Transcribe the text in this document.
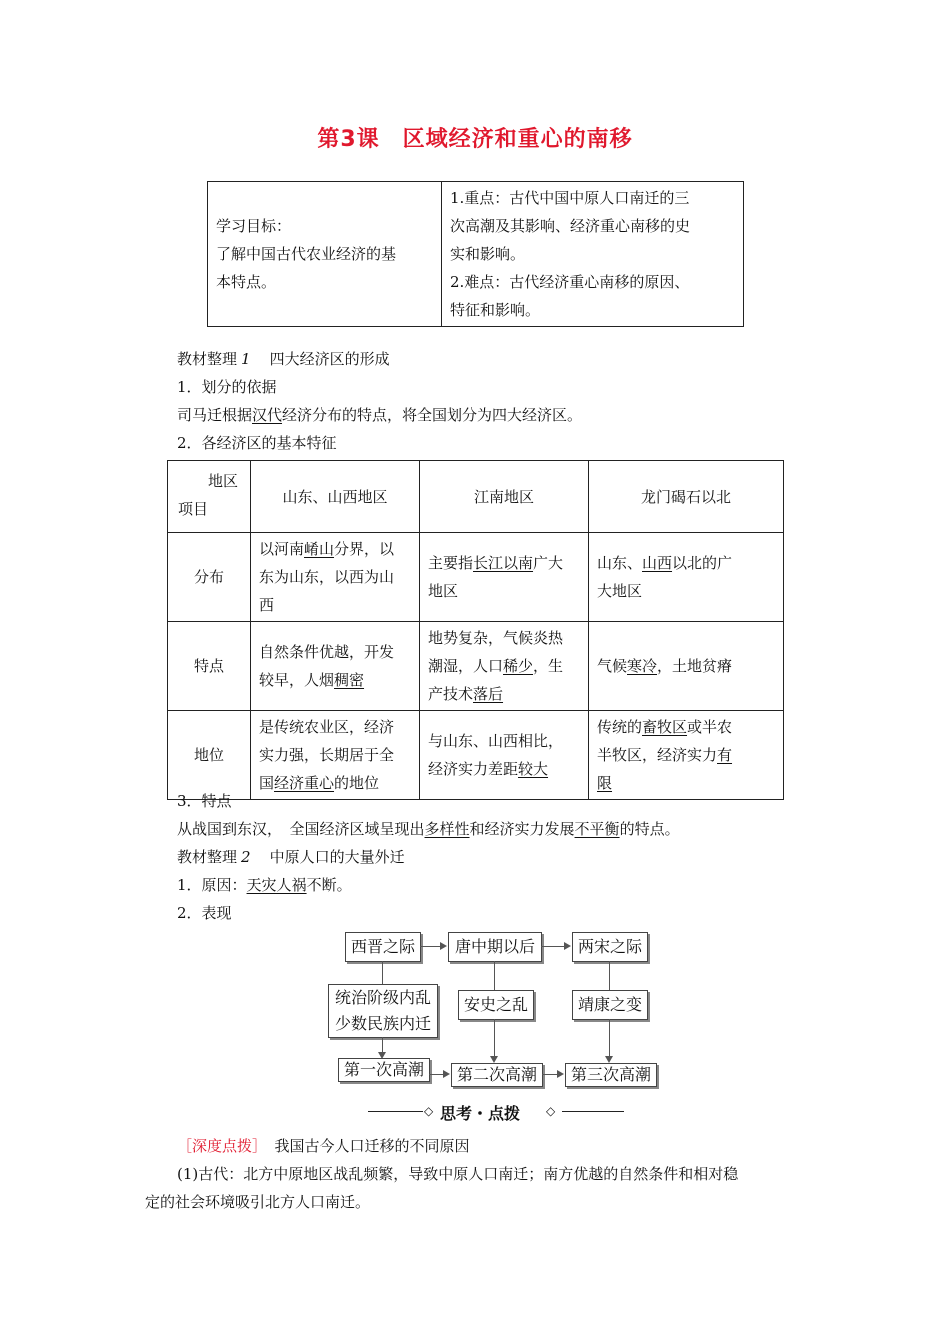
第3课　区域经济和重心的南移
学习目标：
了解中国古代农业经济的基
本特点。

1.重点：古代中国中原人口南迁的三
次高潮及其影响、经济重心南移的史
实和影响。
2.难点：古代经济重心南移的原因、
特征和影响。
教材整理 1　 四大经济区的形成
1．划分的依据
司马迁根据汉代经济分布的特点，将全国划分为四大经济区。
2．各经济区的基本特征
地区
项目	山东、山西地区	江南地区	龙门碣石以北
分布	以河南崤山分界，以
东为山东，以西为山
西	主要指长江以南广大
地区	山东、山西以北的广
大地区
特点	自然条件优越，开发
较早，人烟稠密	地势复杂，气候炎热
潮湿，人口稀少，生
产技术落后	气候寒冷，土地贫瘠
地位	是传统农业区，经济
实力强，长期居于全
国经济重心的地位	与山东、山西相比，
经济实力差距较大	传统的畜牧区或半农
半牧区，经济实力有
限
3．特点
从战国到东汉，　全国经济区域呈现出多样性和经济实力发展不平衡的特点。
教材整理 2　 中原人口的大量外迁
1．原因：天灾人祸不断。
2．表现
西晋之际	唐中期以后	两宋之际
统治阶级内乱
少数民族内迁
安史之乱	靖康之变
第一次高潮	第二次高潮	第三次高潮
◇ 思考・点拨 ◇
［深度点拨］　 我国古今人口迁移的不同原因
(1)古代：北方中原地区战乱频繁，导致中原人口南迁；南方优越的自然条件和相对稳
定的社会环境吸引北方人口南迁。
